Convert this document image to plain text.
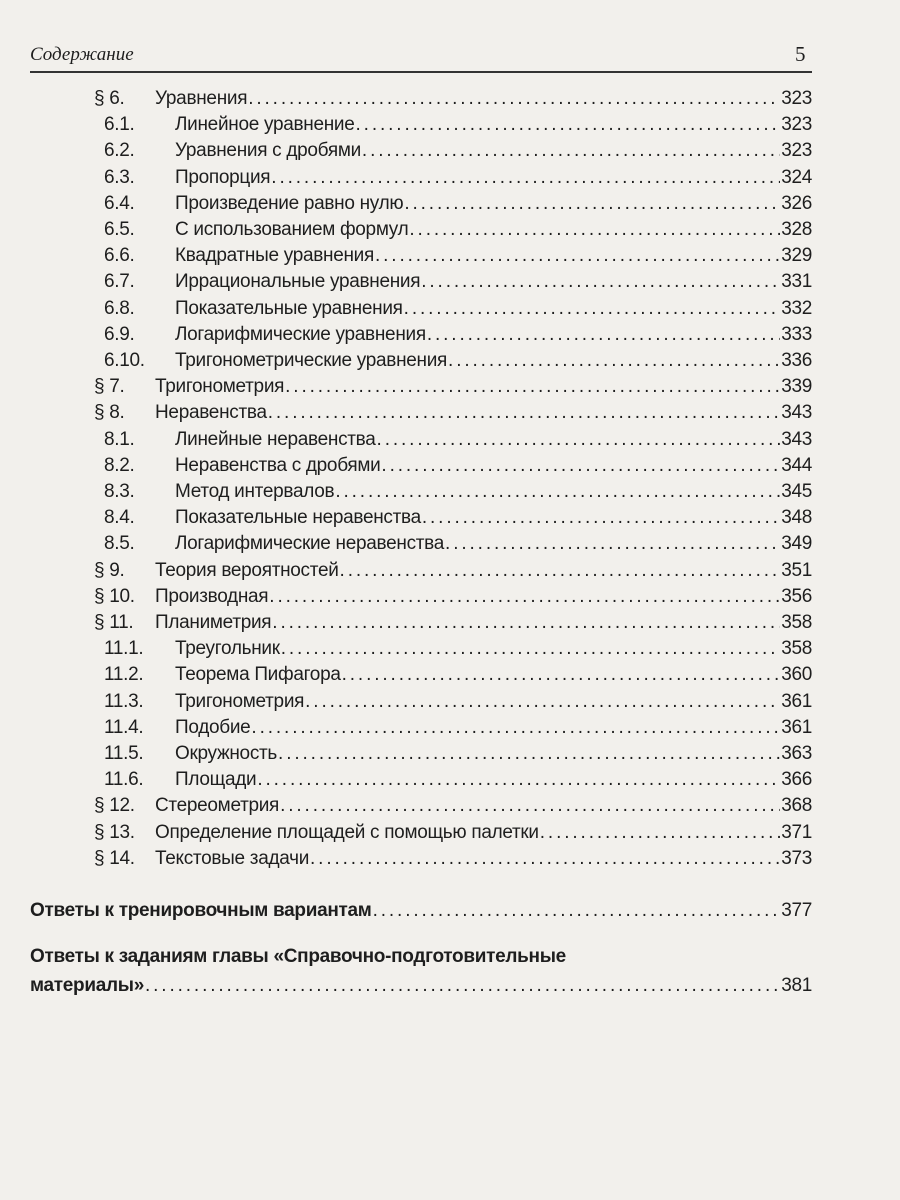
Содержание	5
§ 6. Уравнения . . .	323
6.1. Линейное уравнение . . .	323
6.2. Уравнения с дробями . . .	323
6.3. Пропорция . . .	324
6.4. Произведение равно нулю . . .	326
6.5. С использованием формул . . .	328
6.6. Квадратные уравнения . . .	329
6.7. Иррациональные уравнения . . .	331
6.8. Показательные уравнения . . .	332
6.9. Логарифмические уравнения . . .	333
6.10. Тригонометрические уравнения . . .	336
§ 7. Тригонометрия . . .	339
§ 8. Неравенства . . .	343
8.1. Линейные неравенства . . .	343
8.2. Неравенства с дробями . . .	344
8.3. Метод интервалов . . .	345
8.4. Показательные неравенства . . .	348
8.5. Логарифмические неравенства . . .	349
§ 9. Теория вероятностей . . .	351
§ 10. Производная . . .	356
§ 11. Планиметрия . . .	358
11.1. Треугольник . . .	358
11.2. Теорема Пифагора . . .	360
11.3. Тригонометрия . . .	361
11.4. Подобие . . .	361
11.5. Окружность . . .	363
11.6. Площади . . .	366
§ 12. Стереометрия . . .	368
§ 13. Определение площадей с помощью палетки . . .	371
§ 14. Текстовые задачи . . .	373
Ответы к тренировочным вариантам . . .	377
Ответы к заданиям главы «Справочно-подготовительные
материалы» . . .	381
